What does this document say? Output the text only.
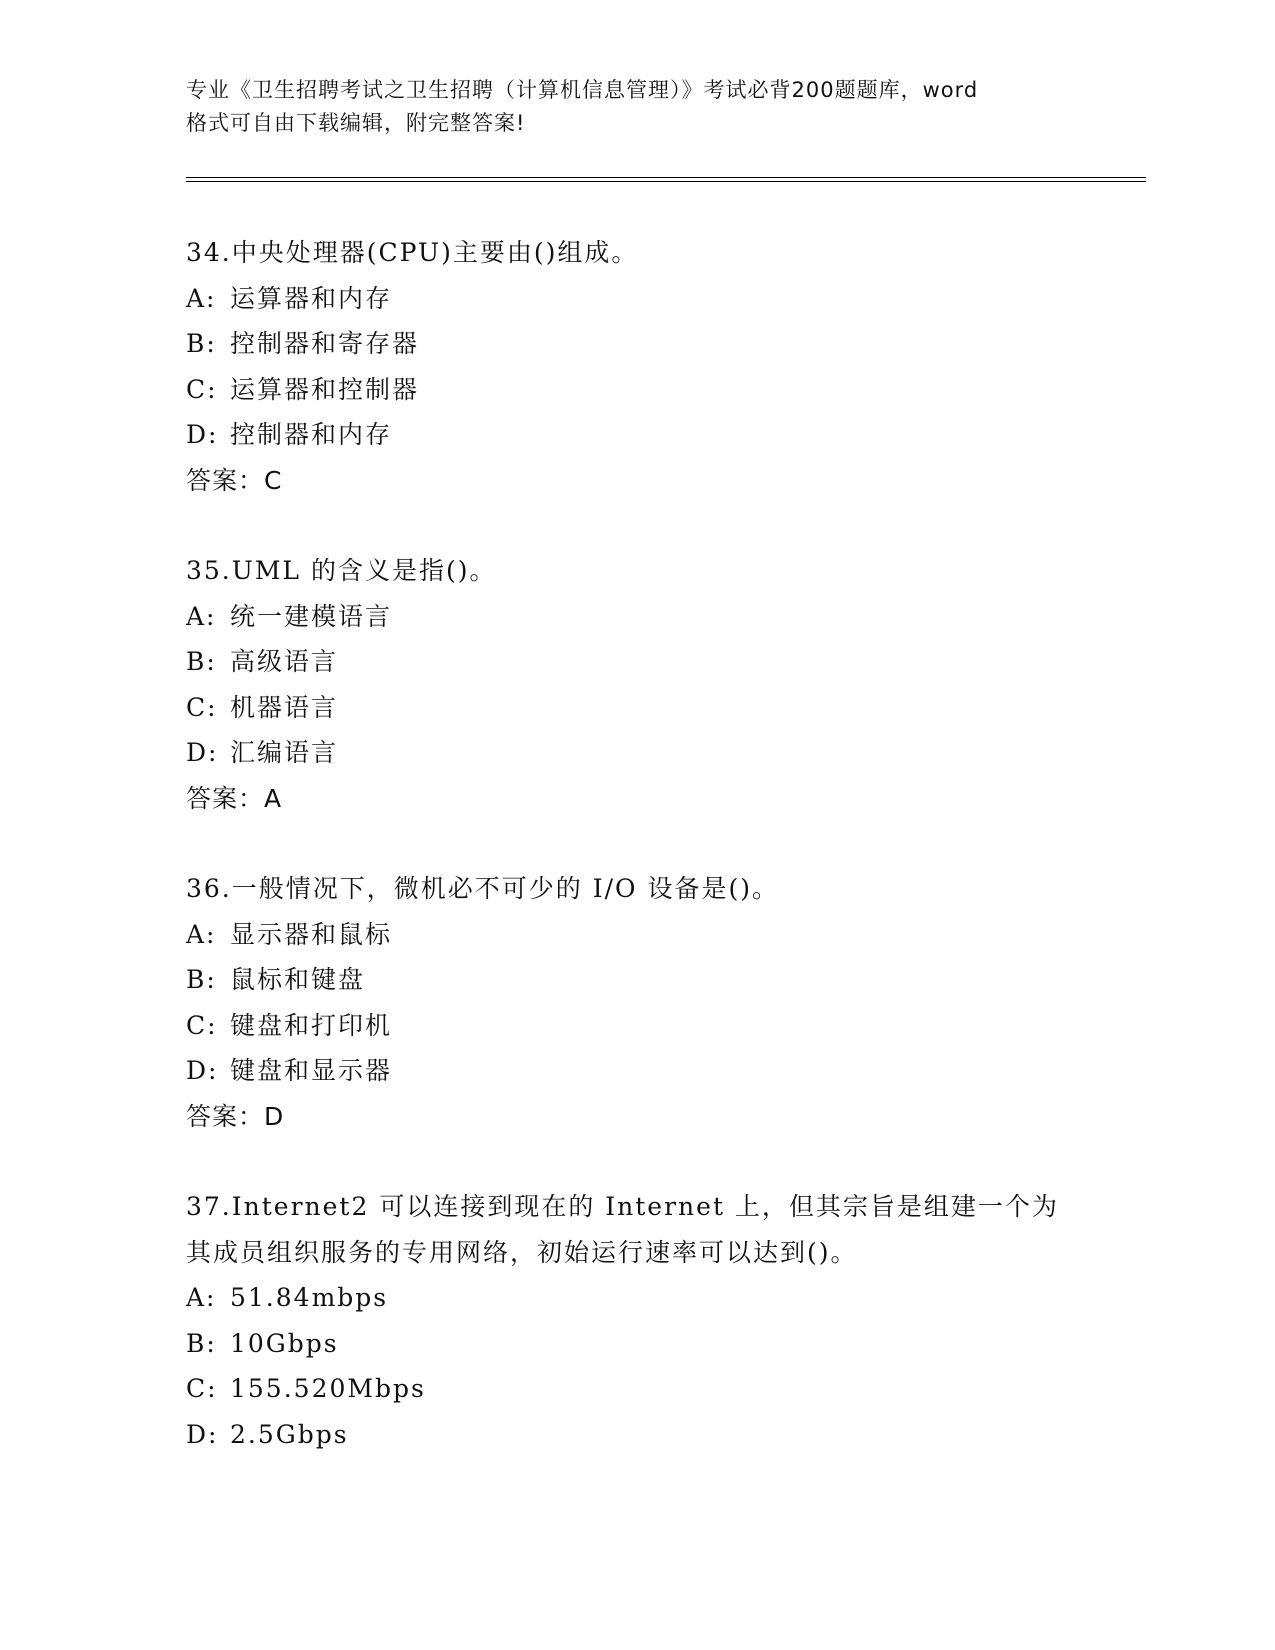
专业《卫生招聘考试之卫生招聘（计算机信息管理）》考试必背200题题库，word
格式可自由下载编辑，附完整答案!
34.中央处理器(CPU)主要由()组成。
A: 运算器和内存
B: 控制器和寄存器
C: 运算器和控制器
D: 控制器和内存
答案：C
35.UML 的含义是指()。
A: 统一建模语言
B: 高级语言
C: 机器语言
D: 汇编语言
答案：A
36.一般情况下，微机必不可少的 I/O 设备是()。
A: 显示器和鼠标
B: 鼠标和键盘
C: 键盘和打印机
D: 键盘和显示器
答案：D
37.Internet2 可以连接到现在的 Internet 上，但其宗旨是组建一个为
其成员组织服务的专用网络，初始运行速率可以达到()。
A: 51.84mbps
B: 10Gbps
C: 155.520Mbps
D: 2.5Gbps
